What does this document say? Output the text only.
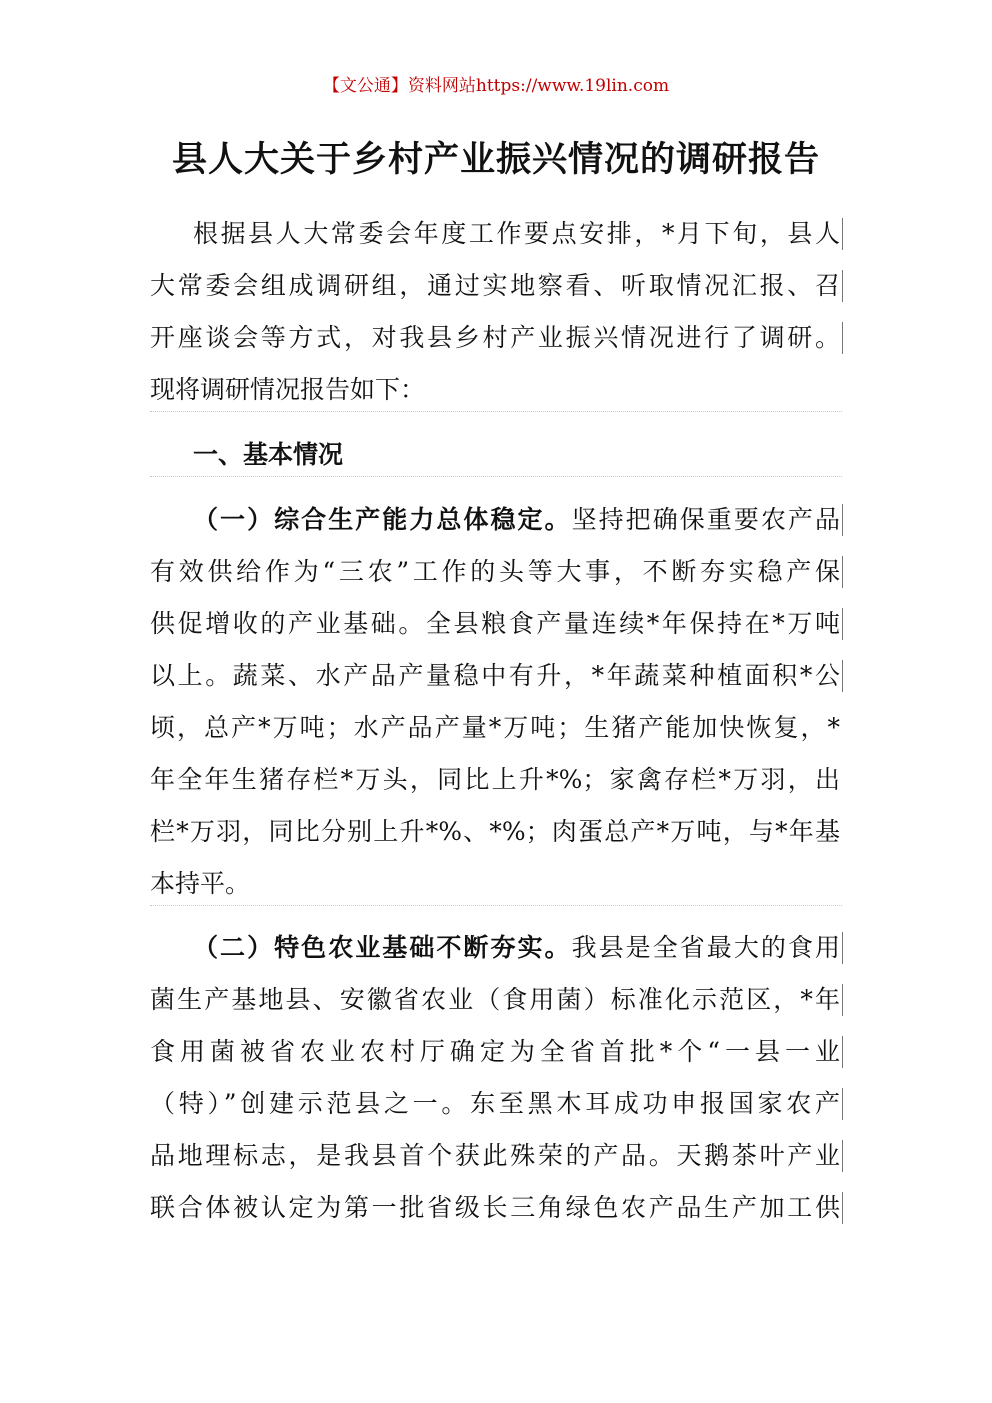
【文公通】资料网站https://www.19lin.com
县人大关于乡村产业振兴情况的调研报告
根据县人大常委会年度工作要点安排，*月下旬，县人
大常委会组成调研组，通过实地察看、听取情况汇报、召
开座谈会等方式，对我县乡村产业振兴情况进行了调研。
现将调研情况报告如下：
一、基本情况
（一）综合生产能力总体稳定。坚持把确保重要农产品
有效供给作为“三农”工作的头等大事，不断夯实稳产保
供促增收的产业基础。全县粮食产量连续*年保持在*万吨
以上。蔬菜、水产品产量稳中有升，*年蔬菜种植面积*公
顷，总产*万吨；水产品产量*万吨；生猪产能加快恢复，*
年全年生猪存栏*万头，同比上升*%；家禽存栏*万羽，出
栏*万羽，同比分别上升*%、*%；肉蛋总产*万吨，与*年基
本持平。
（二）特色农业基础不断夯实。我县是全省最大的食用
菌生产基地县、安徽省农业（食用菌）标准化示范区，*年
食用菌被省农业农村厅确定为全省首批*个“一县一业
（特）”创建示范县之一。东至黑木耳成功申报国家农产
品地理标志，是我县首个获此殊荣的产品。天鹅茶叶产业
联合体被认定为第一批省级长三角绿色农产品生产加工供
